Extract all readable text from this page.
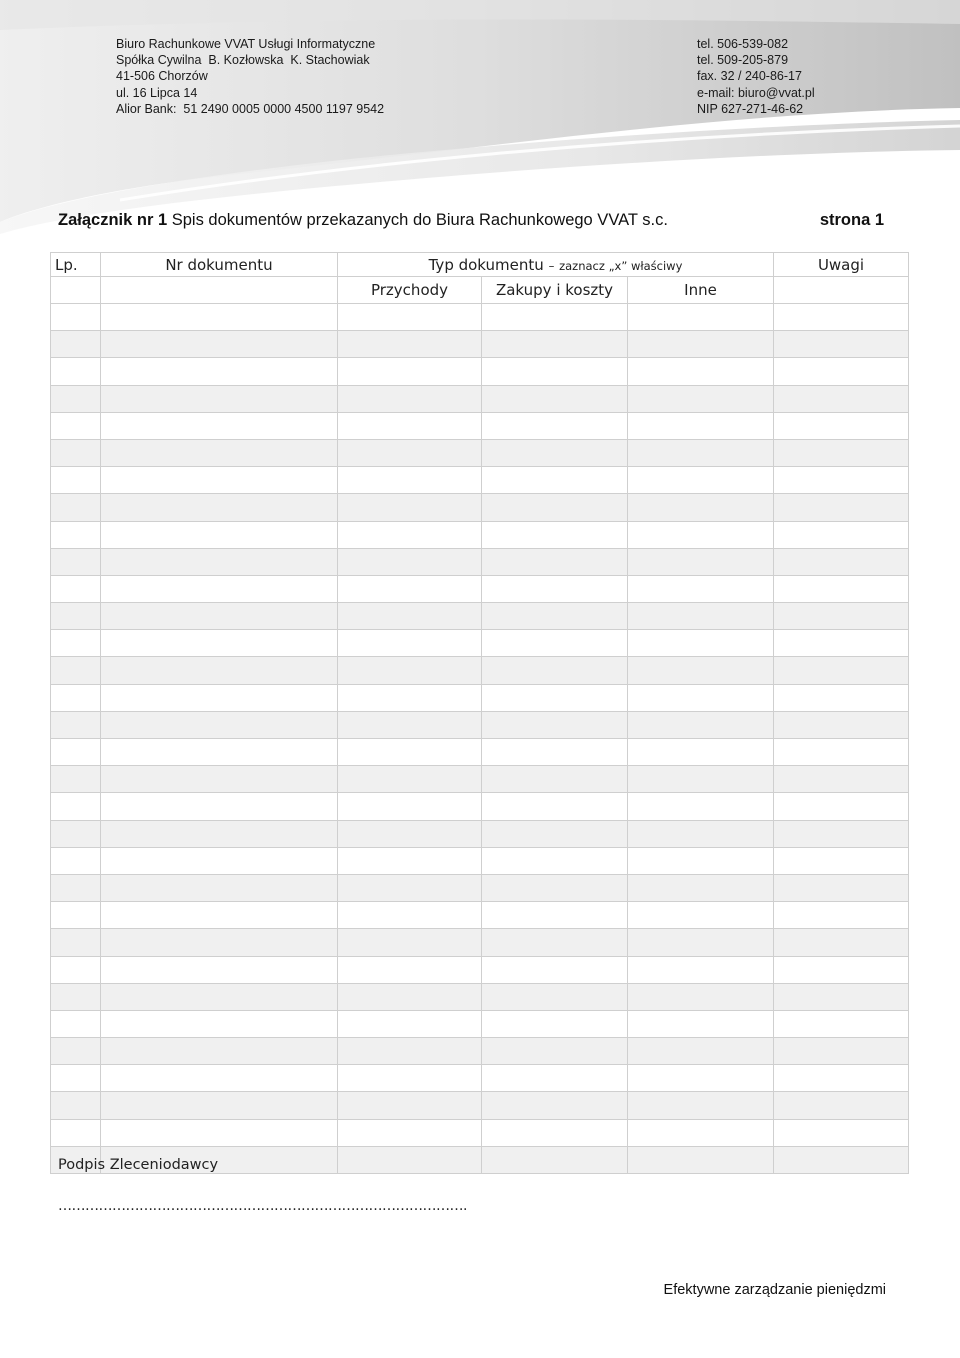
Biuro Rachunkowe VVAT Usługi Informatyczne
Spółka Cywilna  B. Kozłowska  K. Stachowiak
41-506 Chorzów
ul. 16 Lipca 14
Alior Bank:  51 2490 0005 0000 4500 1197 9542
tel. 506-539-082
tel. 509-205-879
fax. 32 / 240-86-17
e-mail: biuro@vvat.pl
NIP 627-271-46-62
Załącznik nr 1 Spis dokumentów przekazanych do Biura Rachunkowego VVAT s.c.	strona 1
Lp.	Nr dokumentu	Typ dokumentu – zaznacz „x” właściwy			Uwagi
		Przychody	Zakupy i koszty	Inne	

Podpis Zleceniodawcy
……………………………………………………………………………….
Efektywne zarządzanie pieniędzmi
